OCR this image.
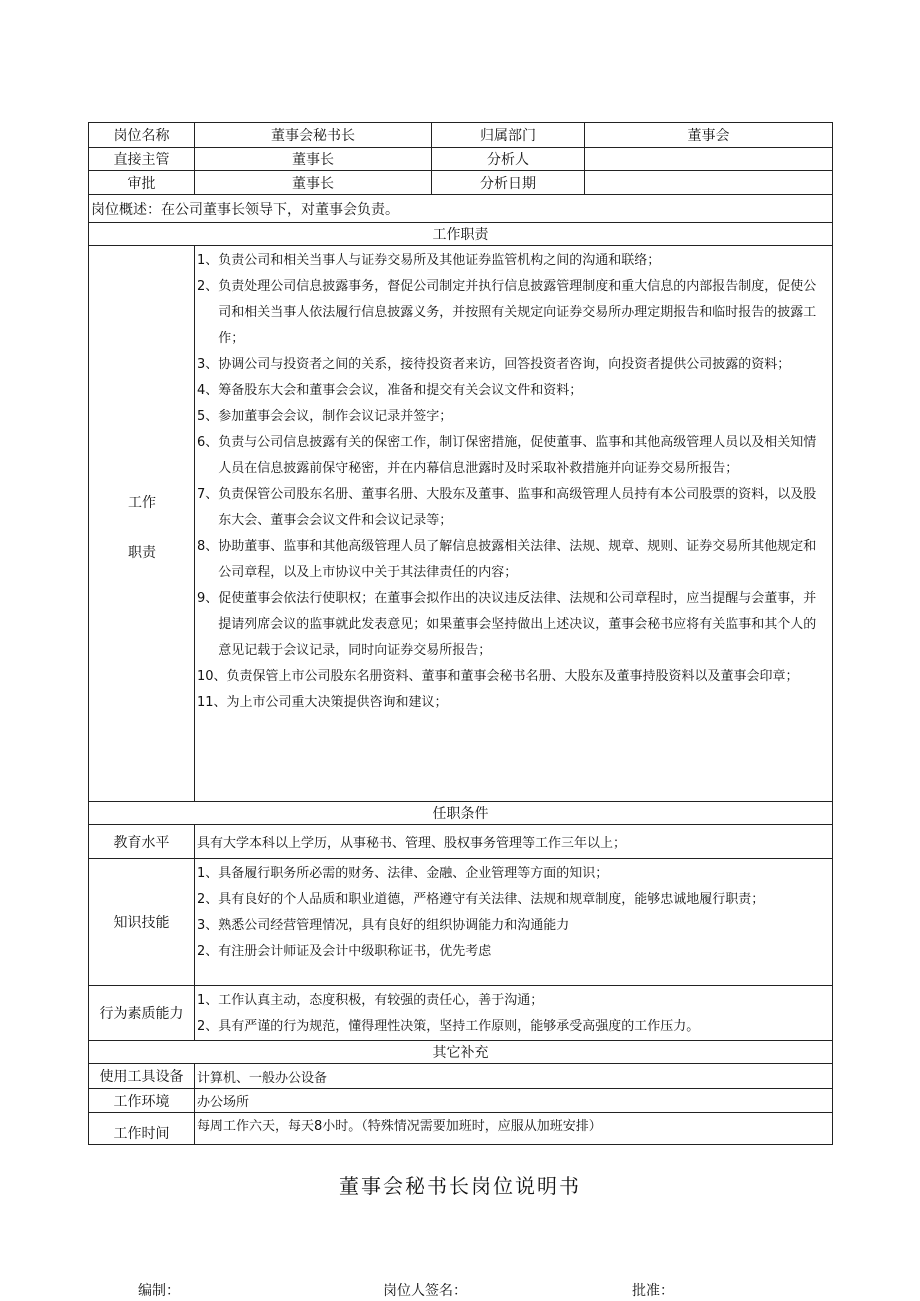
岗位名称	董事会秘书长	归属部门	董事会
直接主管	董事长	分析人
审批	董事长	分析日期
岗位概述： 在公司董事长领导下，对董事会负责。
工作职责
工作
职责
1、 负责公司和相关当事人与证券交易所及其他证券监管机构之间的沟通和联络；
2、 负责处理公司信息披露事务，督促公司制定并执行信息披露管理制度和重大信息的内部报告制度，促使公司和相关当事人依法履行信息披露义务，并按照有关规定向证券交易所办理定期报告和临时报告的披露工作；
3、 协调公司与投资者之间的关系，接待投资者来访，回答投资者咨询，向投资者提供公司披露的资料；
4、 筹备股东大会和董事会会议，准备和提交有关会议文件和资料；
5、 参加董事会会议，制作会议记录并签字；
6、 负责与公司信息披露有关的保密工作，制订保密措施，促使董事、监事和其他高级管理人员以及相关知情人员在信息披露前保守秘密，并在内幕信息泄露时及时采取补救措施并向证券交易所报告；
7、 负责保管公司股东名册、董事名册、大股东及董事、监事和高级管理人员持有本公司股票的资料，以及股东大会、董事会会议文件和会议记录等；
8、 协助董事、监事和其他高级管理人员了解信息披露相关法律、法规、规章、规则、证券交易所其他规定和公司章程，以及上市协议中关于其法律责任的内容；
9、 促使董事会依法行使职权；在董事会拟作出的决议违反法律、法规和公司章程时，应当提醒与会董事，并提请列席会议的监事就此发表意见；如果董事会坚持做出上述决议，董事会秘书应将有关监事和其个人的意见记载于会议记录，同时向证券交易所报告；
10、 负责保管上市公司股东名册资料、董事和董事会秘书名册、大股东及董事持股资料以及董事会印章；
11、 为上市公司重大决策提供咨询和建议；
任职条件
教育水平 具有大学本科以上学历，从事秘书、管理、股权事务管理等工作三年以上；
知识技能
1、 具备履行职务所必需的财务、法律、金融、企业管理等方面的知识；
2、 具有良好的个人品质和职业道德，严格遵守有关法律、法规和规章制度，能够忠诚地履行职责；
3、 熟悉公司经营管理情况，具有良好的组织协调能力和沟通能力
2、 有注册会计师证及会计中级职称证书，优先考虑
行为素质能力
1、 工作认真主动，态度积极，有较强的责任心，善于沟通；
2、 具有严谨的行为规范，懂得理性决策，坚持工作原则，能够承受高强度的工作压力。
其它补充
使用工具设备 计算机、一般办公设备
工作环境 办公场所
工作时间 每周工作六天，每天8小时。（特殊情况需要加班时，应服从加班安排）
董事会秘书长岗位说明书
编制：	岗位人签名：	批准：
